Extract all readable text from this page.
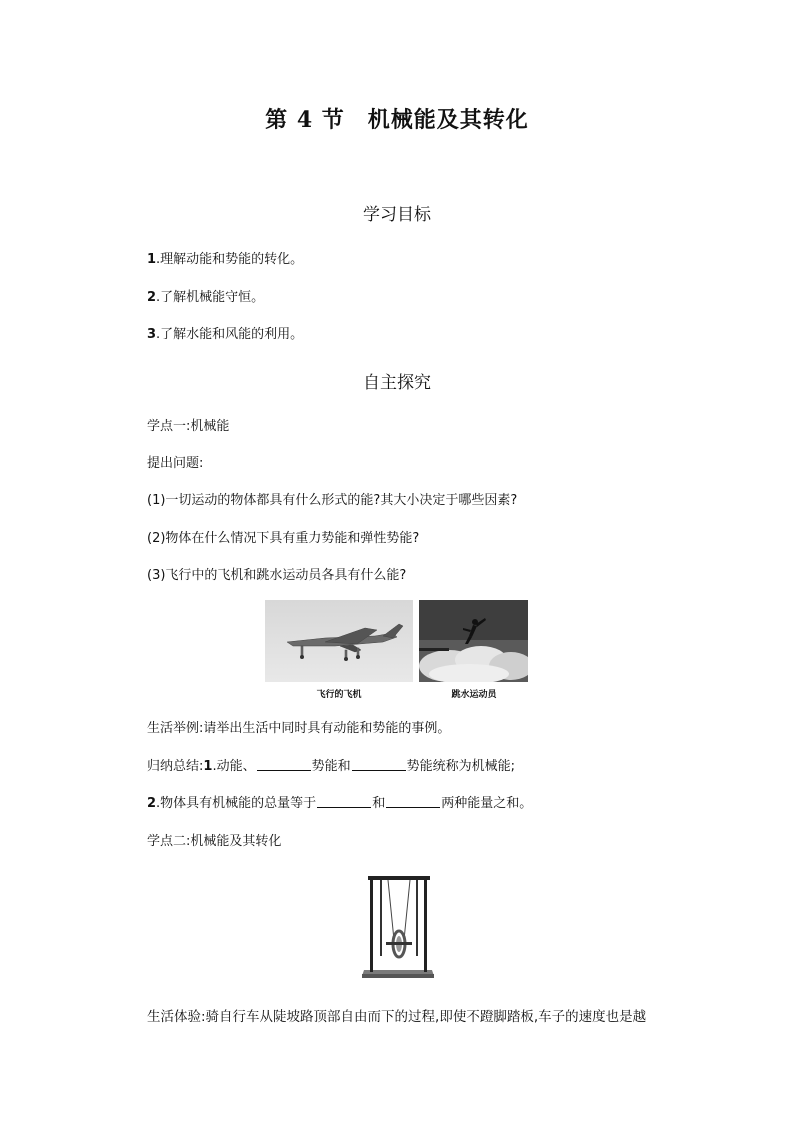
第 4 节　机械能及其转化
学习目标
1.理解动能和势能的转化。
2.了解机械能守恒。
3.了解水能和风能的利用。
自主探究
学点一:机械能
提出问题:
(1)一切运动的物体都具有什么形式的能?其大小决定于哪些因素?
(2)物体在什么情况下具有重力势能和弹性势能?
(3)飞行中的飞机和跳水运动员各具有什么能?
飞行的飞机	跳水运动员
生活举例:请举出生活中同时具有动能和势能的事例。
归纳总结:1.动能、	势能和	势能统称为机械能;
2.物体具有机械能的总量等于	和	两种能量之和。
学点二:机械能及其转化
生活体验:骑自行车从陡坡路顶部自由而下的过程,即使不蹬脚踏板,车子的速度也是越
